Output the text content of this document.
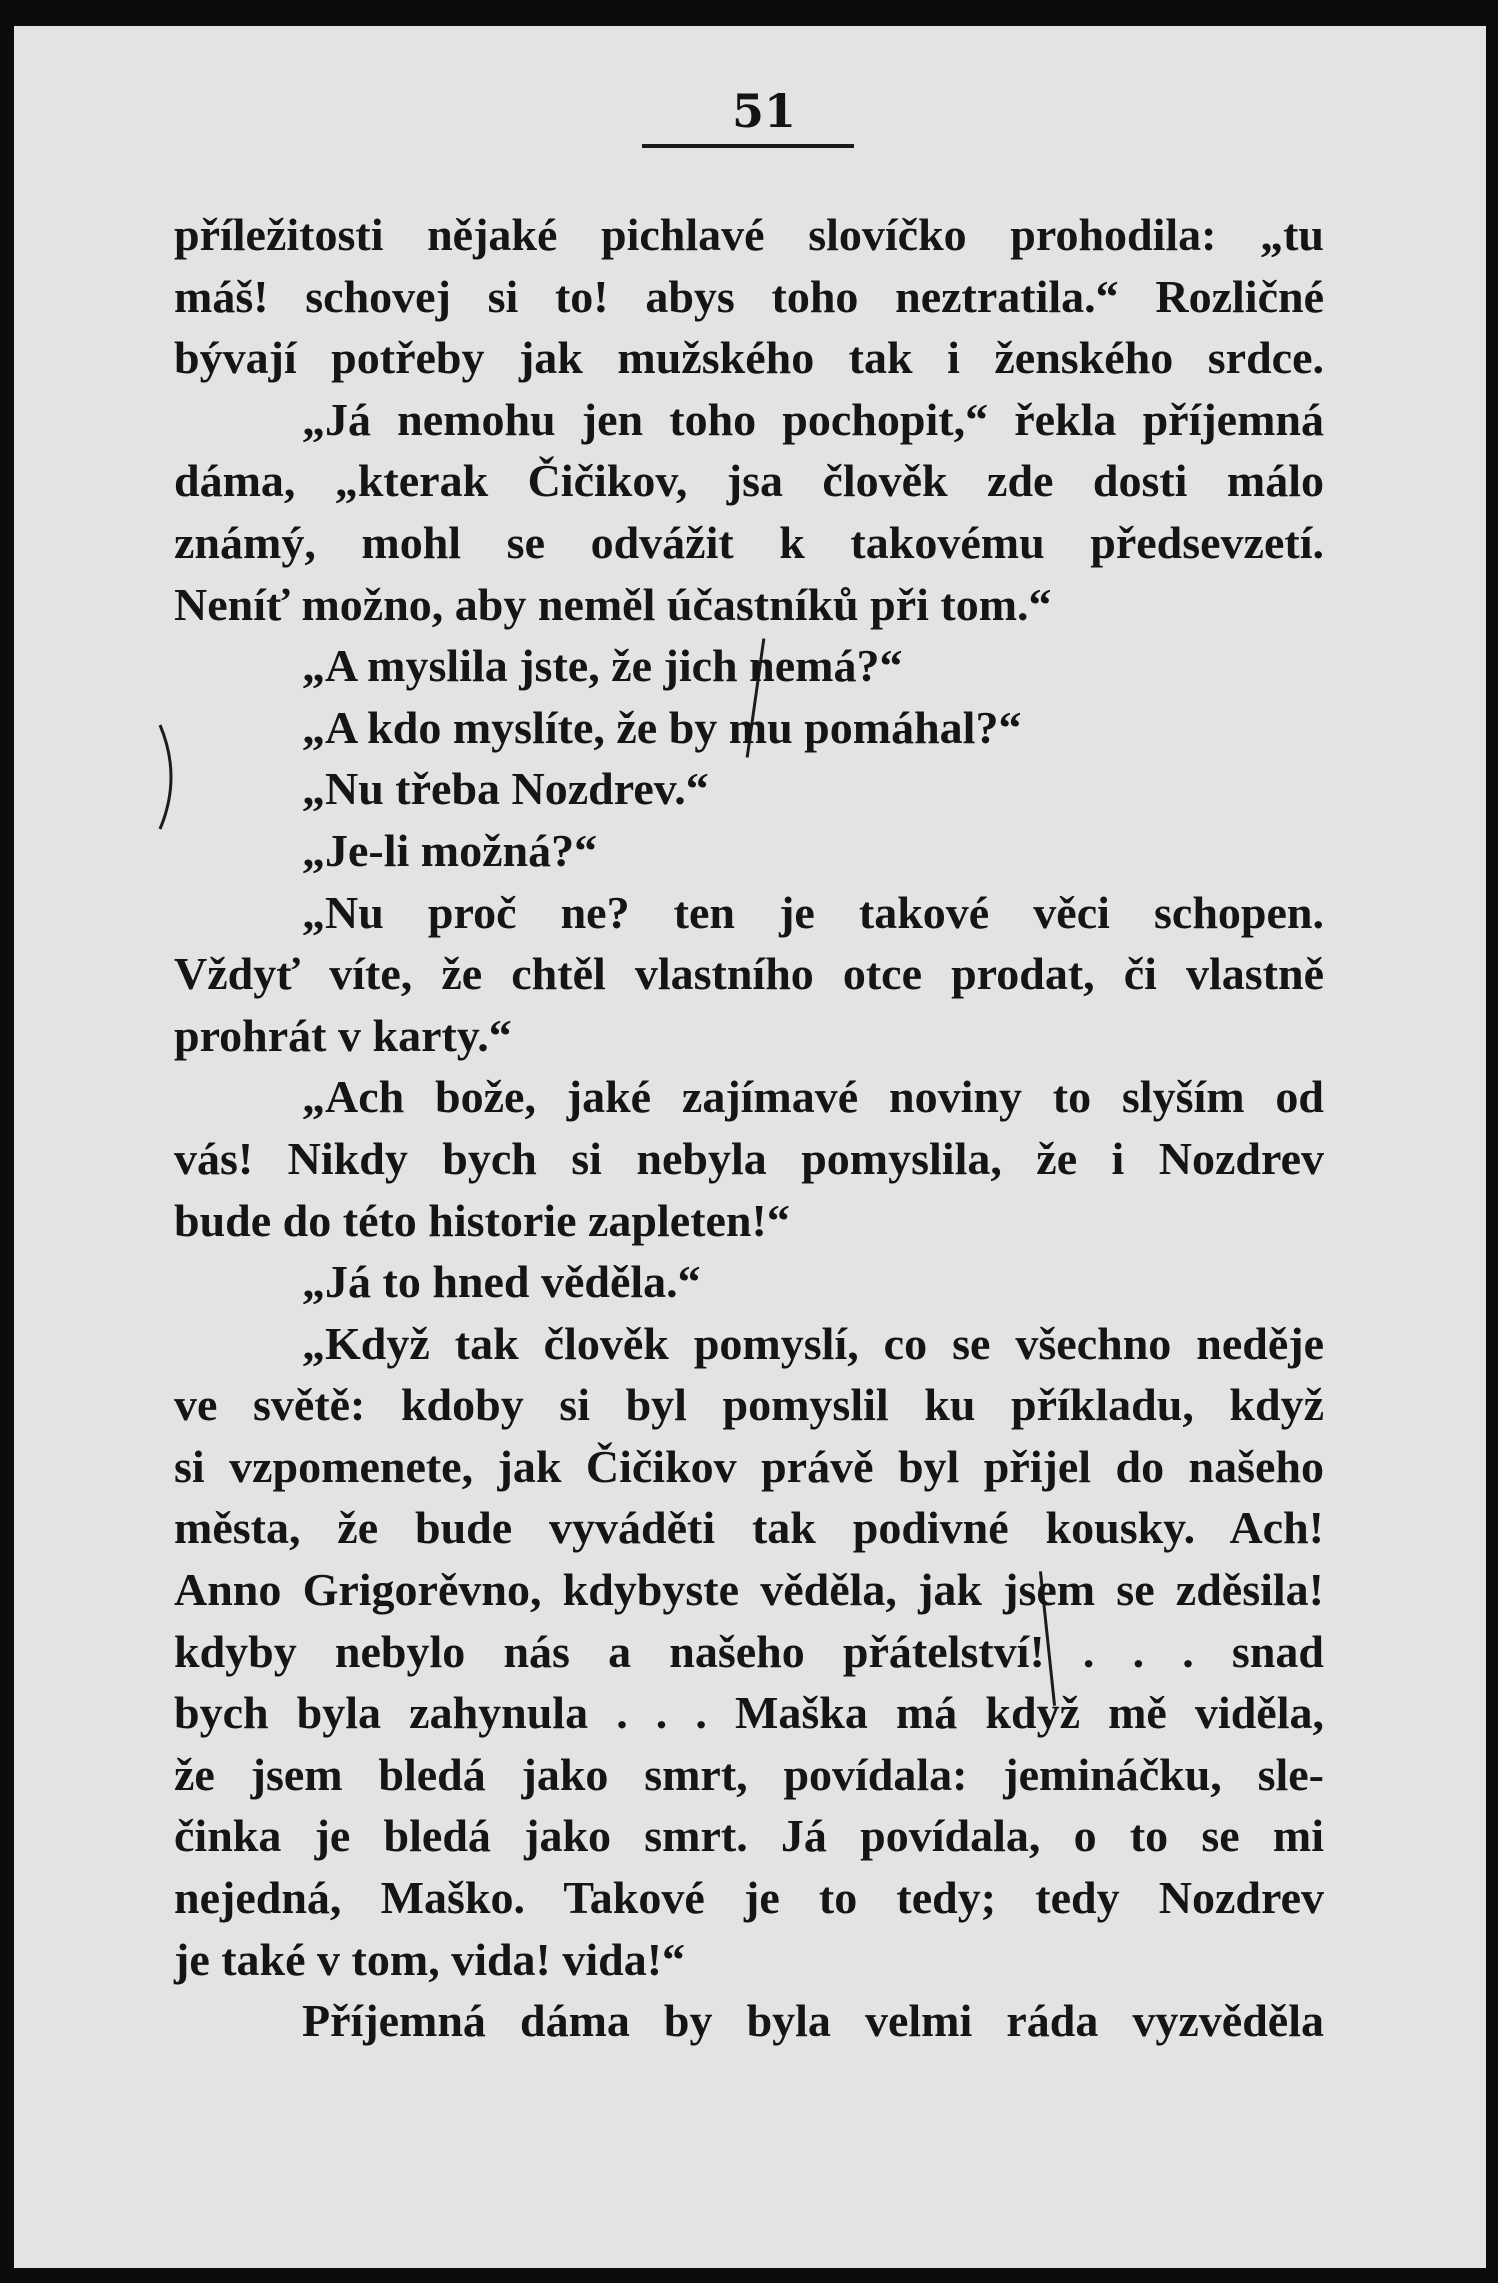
51
příležitosti nějaké pichlavé slovíčko prohodila: „tu
máš! schovej si to! abys toho neztratila.“ Rozličné
bývají potřeby jak mužského tak i ženského srdce.
„Já nemohu jen toho pochopit,“ řekla příjemná
dáma, „kterak Čičikov, jsa člověk zde dosti málo
známý, mohl se odvážit k takovému předsevzetí.
Neníť možno, aby neměl účastníků při tom.“
„A myslila jste, že jich nemá?“
„A kdo myslíte, že by mu pomáhal?“
„Nu třeba Nozdrev.“
„Je-li možná?“
„Nu proč ne? ten je takové věci schopen.
Vždyť víte, že chtěl vlastního otce prodat, či vlastně
prohrát v karty.“
„Ach bože, jaké zajímavé noviny to slyším od
vás! Nikdy bych si nebyla pomyslila, že i Nozdrev
bude do této historie zapleten!“
„Já to hned věděla.“
„Když tak člověk pomyslí, co se všechno neděje
ve světě: kdoby si byl pomyslil ku příkladu, když
si vzpomenete, jak Čičikov právě byl přijel do našeho
města, že bude vyváděti tak podivné kousky. Ach!
Anno Grigorěvno, kdybyste věděla, jak jsem se zděsila!
kdyby nebylo nás a našeho přátelství! . . . snad
bych byla zahynula . . . Maška má když mě viděla,
že jsem bledá jako smrt, povídala: jemináčku, sle-
činka je bledá jako smrt. Já povídala, o to se mi
nejedná, Maško. Takové je to tedy; tedy Nozdrev
je také v tom, vida! vida!“
Příjemná dáma by byla velmi ráda vyzvěděla
